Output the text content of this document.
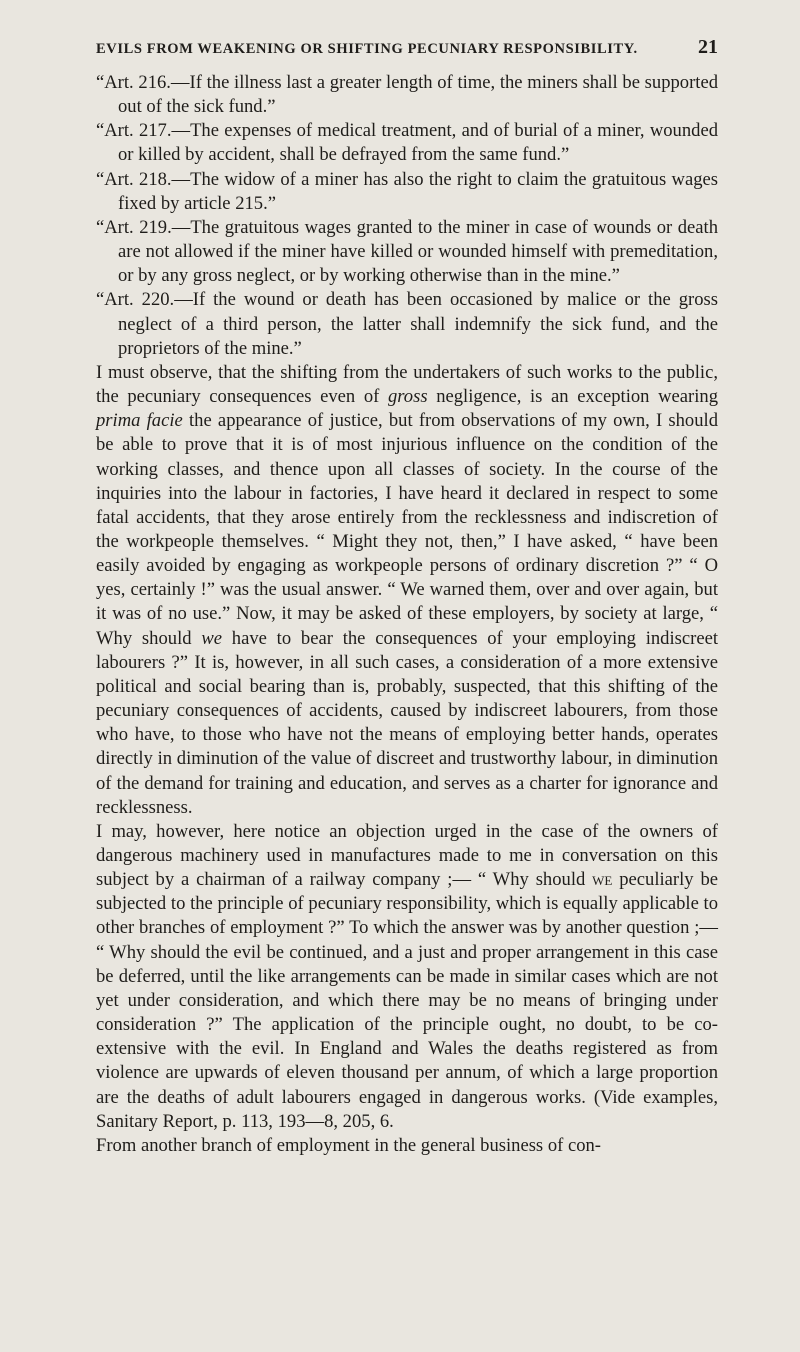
EVILS FROM WEAKENING OR SHIFTING PECUNIARY RESPONSIBILITY.	21

“Art. 216.—If the illness last a greater length of time, the miners shall be supported out of the sick fund.”

“Art. 217.—The expenses of medical treatment, and of burial of a miner, wounded or killed by accident, shall be defrayed from the same fund.”

“Art. 218.—The widow of a miner has also the right to claim the gratuitous wages fixed by article 215.”

“Art. 219.—The gratuitous wages granted to the miner in case of wounds or death are not allowed if the miner have killed or wounded himself with premeditation, or by any gross neglect, or by working otherwise than in the mine.”

“Art. 220.—If the wound or death has been occasioned by malice or the gross neglect of a third person, the latter shall indemnify the sick fund, and the proprietors of the mine.”

I must observe, that the shifting from the undertakers of such works to the public, the pecuniary consequences even of gross negligence, is an exception wearing prima facie the appearance of justice, but from observations of my own, I should be able to prove that it is of most injurious influence on the condition of the working classes, and thence upon all classes of society. In the course of the inquiries into the labour in factories, I have heard it declared in respect to some fatal accidents, that they arose entirely from the recklessness and indiscretion of the workpeople themselves. “ Might they not, then,” I have asked, “ have been easily avoided by engaging as workpeople persons of ordinary discretion ?” “ O yes, certainly !” was the usual answer. “ We warned them, over and over again, but it was of no use.” Now, it may be asked of these employers, by society at large, “ Why should we have to bear the consequences of your employing indiscreet labourers ?” It is, however, in all such cases, a consideration of a more extensive political and social bearing than is, probably, suspected, that this shifting of the pecuniary consequences of accidents, caused by indiscreet labourers, from those who have, to those who have not the means of employing better hands, operates directly in diminution of the value of discreet and trustworthy labour, in diminution of the demand for training and education, and serves as a charter for ignorance and recklessness.

I may, however, here notice an objection urged in the case of the owners of dangerous machinery used in manufactures made to me in conversation on this subject by a chairman of a railway company ;— “ Why should we peculiarly be subjected to the principle of pecuniary responsibility, which is equally applicable to other branches of employment ?” To which the answer was by another question ;— “ Why should the evil be continued, and a just and proper arrangement in this case be deferred, until the like arrangements can be made in similar cases which are not yet under consideration, and which there may be no means of bringing under consideration ?” The application of the principle ought, no doubt, to be co-extensive with the evil. In England and Wales the deaths registered as from violence are upwards of eleven thousand per annum, of which a large proportion are the deaths of adult labourers engaged in dangerous works. (Vide examples, Sanitary Report, p. 113, 193—8, 205, 6.

From another branch of employment in the general business of con-
